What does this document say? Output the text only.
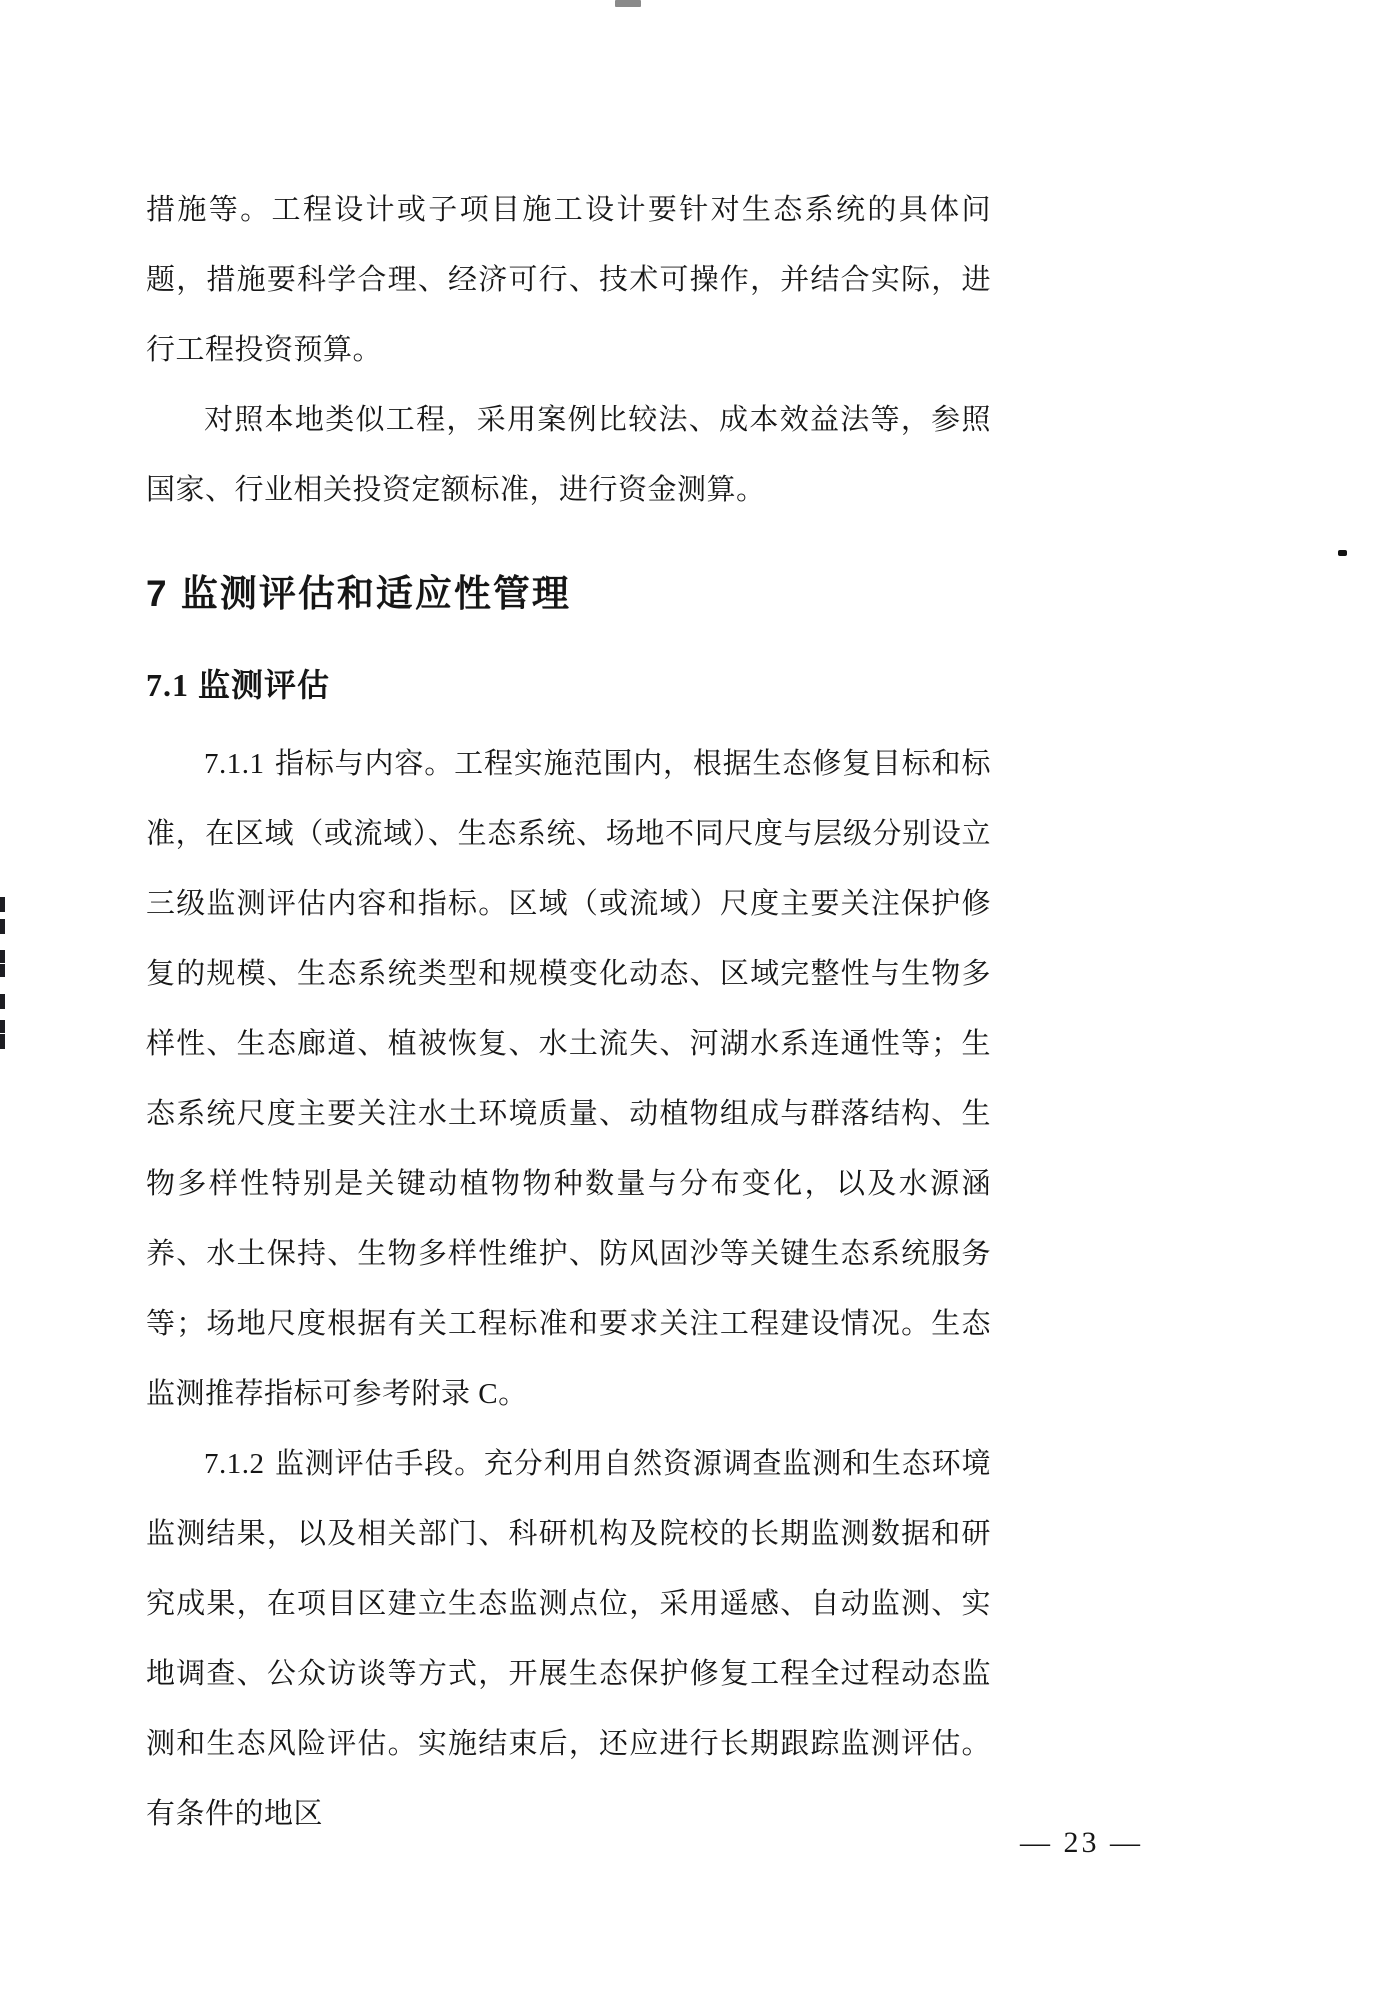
措施等。工程设计或子项目施工设计要针对生态系统的具体问题，措施要科学合理、经济可行、技术可操作，并结合实际，进行工程投资预算。

对照本地类似工程，采用案例比较法、成本效益法等，参照国家、行业相关投资定额标准，进行资金测算。

7 监测评估和适应性管理
7.1 监测评估

7.1.1 指标与内容。工程实施范围内，根据生态修复目标和标准，在区域（或流域）、生态系统、场地不同尺度与层级分别设立三级监测评估内容和指标。区域（或流域）尺度主要关注保护修复的规模、生态系统类型和规模变化动态、区域完整性与生物多样性、生态廊道、植被恢复、水土流失、河湖水系连通性等；生态系统尺度主要关注水土环境质量、动植物组成与群落结构、生物多样性特别是关键动植物物种数量与分布变化，以及水源涵养、水土保持、生物多样性维护、防风固沙等关键生态系统服务等；场地尺度根据有关工程标准和要求关注工程建设情况。生态监测推荐指标可参考附录 C。

7.1.2 监测评估手段。充分利用自然资源调查监测和生态环境监测结果，以及相关部门、科研机构及院校的长期监测数据和研究成果，在项目区建立生态监测点位，采用遥感、自动监测、实地调查、公众访谈等方式，开展生态保护修复工程全过程动态监测和生态风险评估。实施结束后，还应进行长期跟踪监测评估。有条件的地区

— 23 —
